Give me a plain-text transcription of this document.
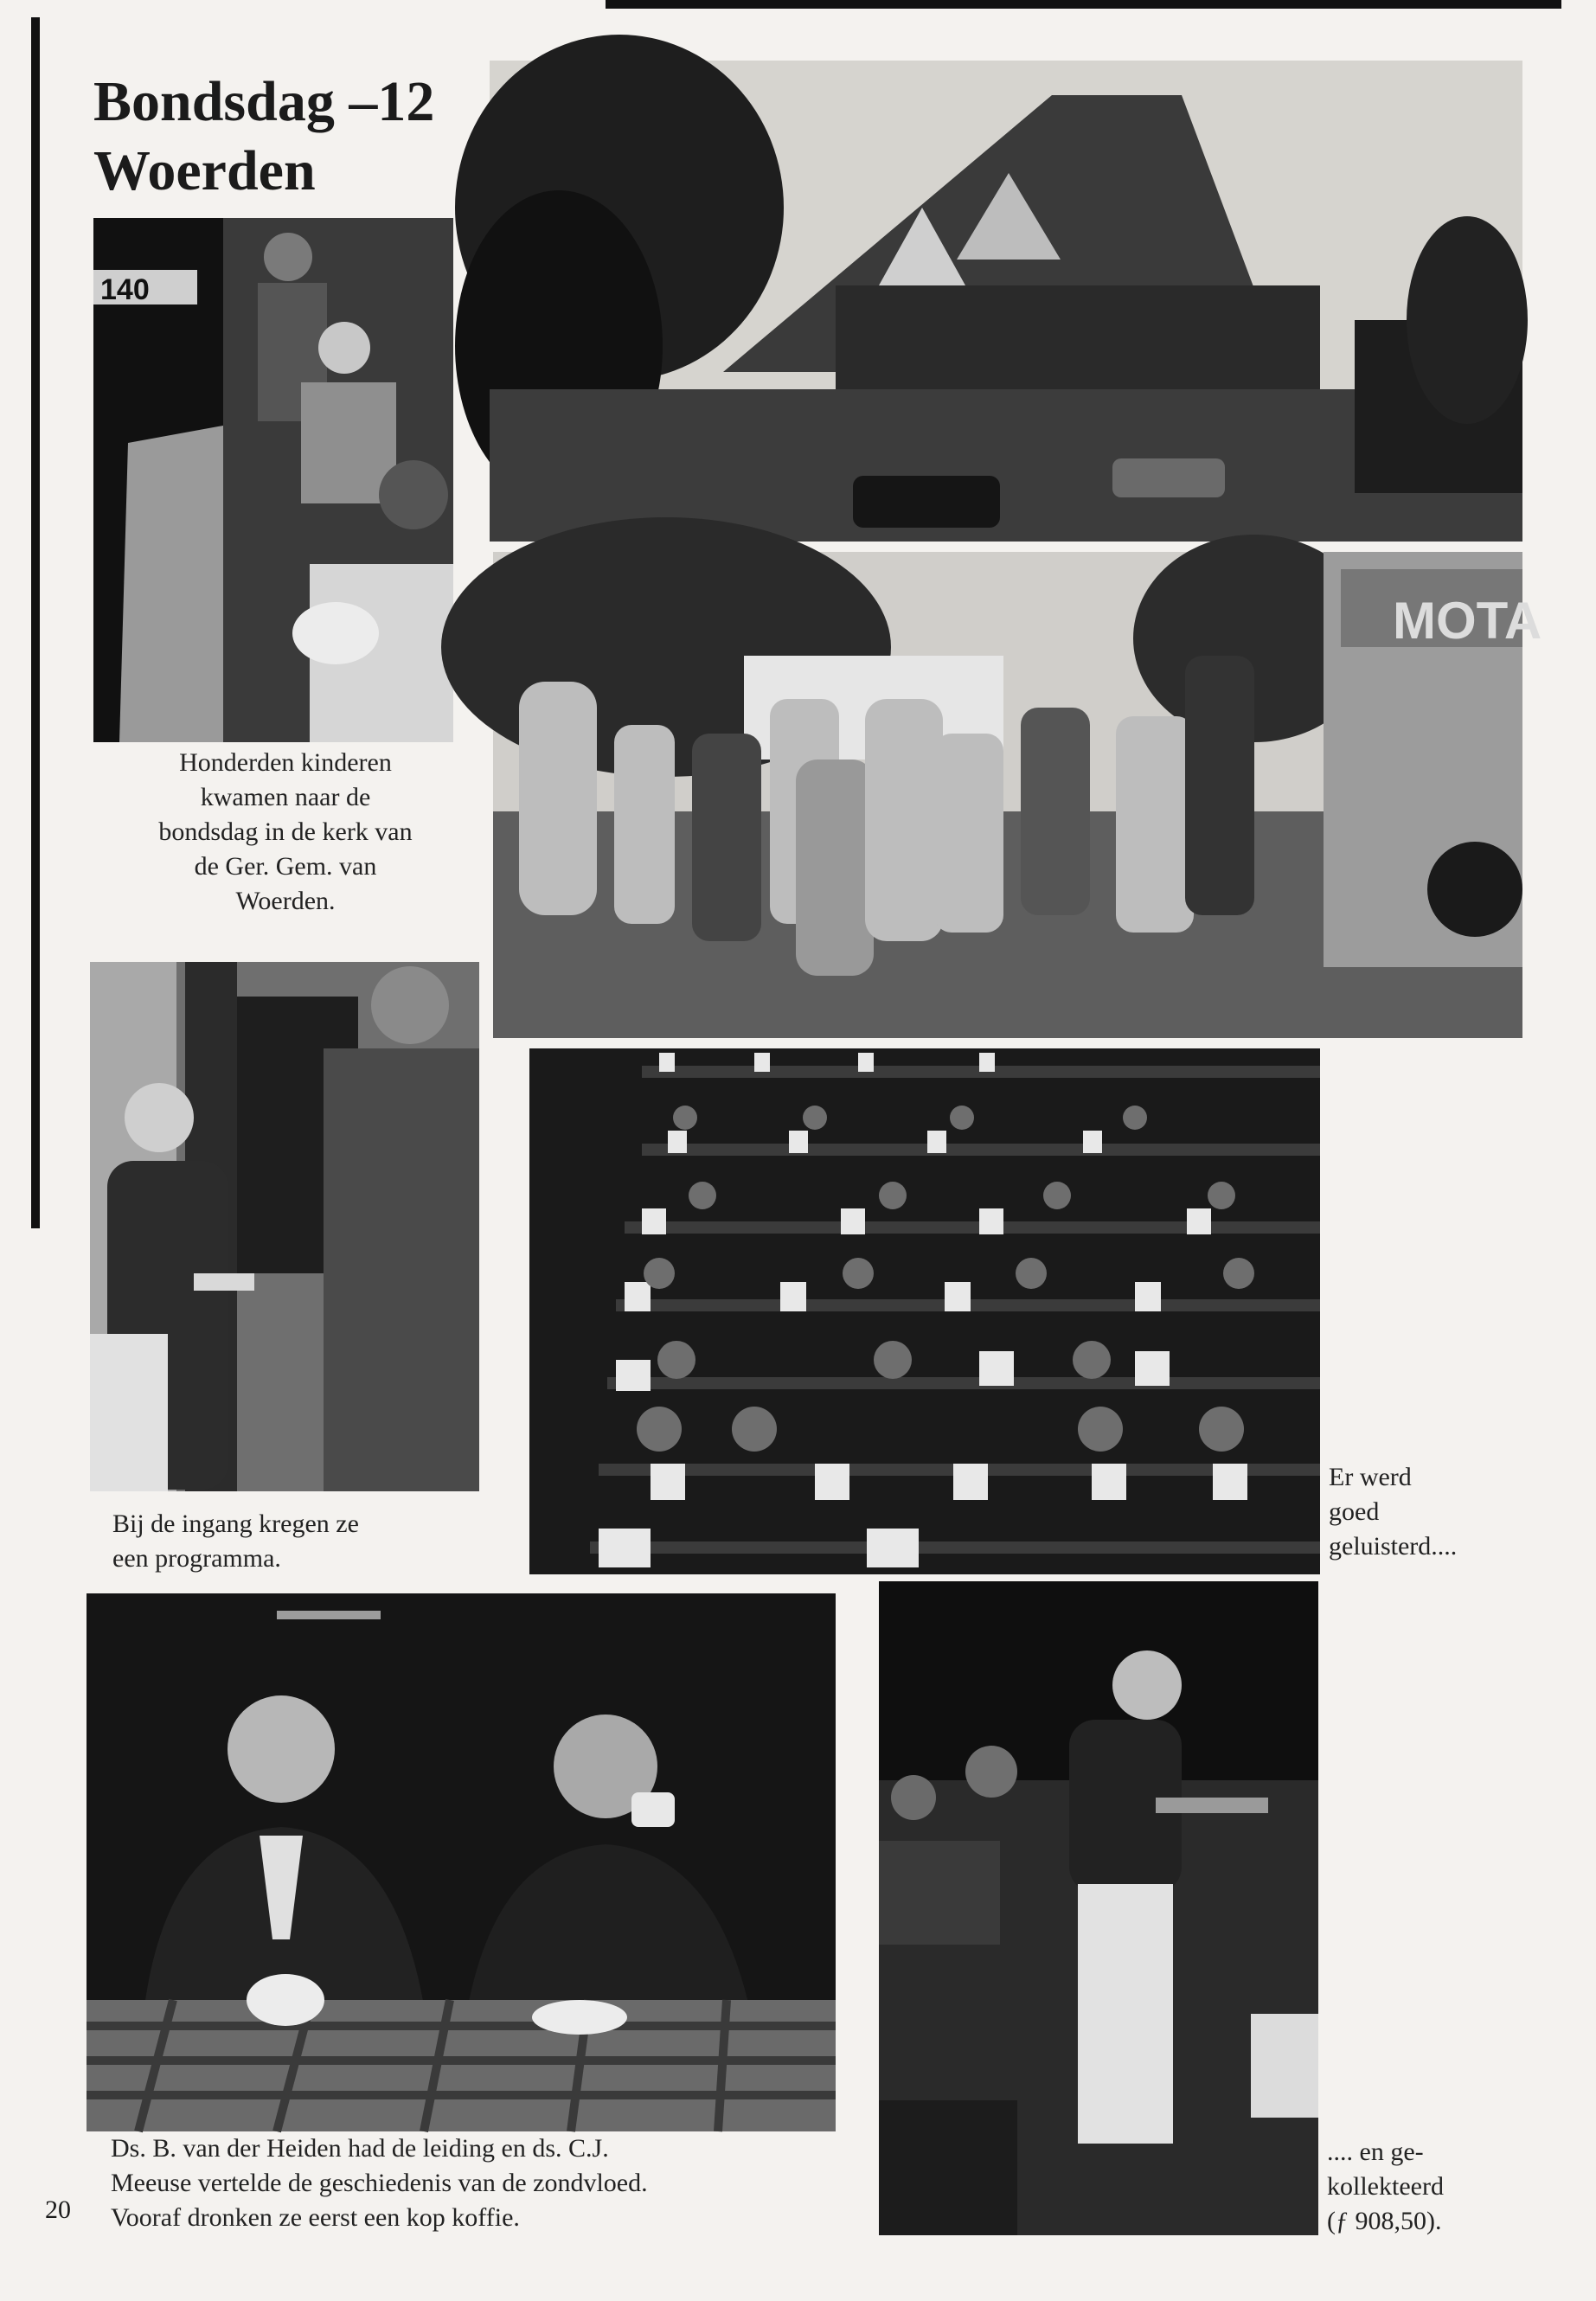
Bondsdag –12
Woerden
140
Honderden kinderen
kwamen naar de
bondsdag in de kerk van
de Ger. Gem. van
Woerden.
MOTA
Bij de ingang kregen ze
een programma.
Er werd
goed
geluisterd....
Ds. B. van der Heiden had de leiding en ds. C.J.
Meeuse vertelde de geschiedenis van de zondvloed.
Vooraf dronken ze eerst een kop koffie.
20
.... en ge-
kollekteerd
(ƒ 908,50).
